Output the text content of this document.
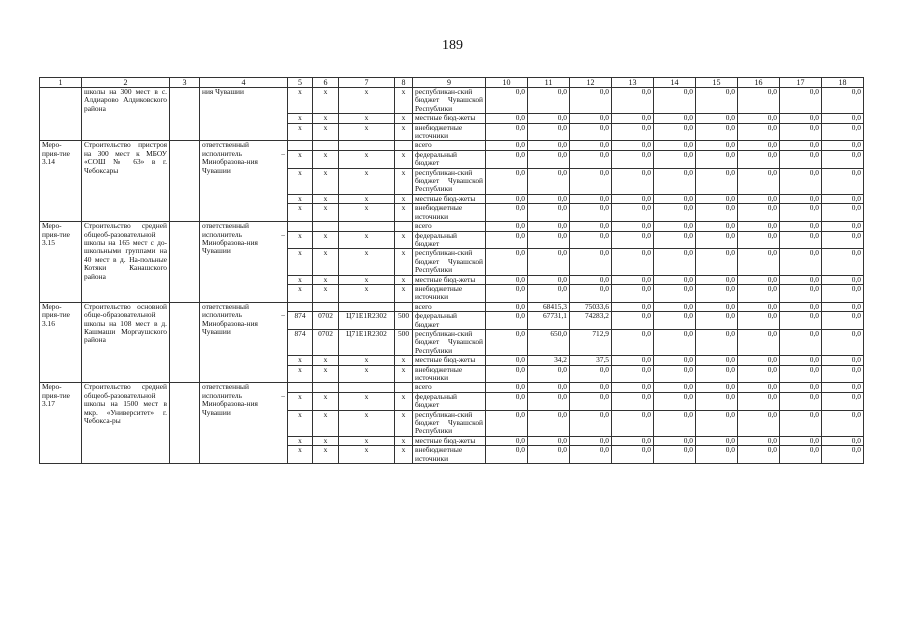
189
1	2	3	4	5	6	7	8	9	10	11	12	13	14	15	16	17	18
	школы на 300 мест в с. Алдиарово Алдиковского района		ния Чувашии	х	х	х	х	республикан-ский бюджет Чувашской Республики	0,0	0,0	0,0	0,0	0,0	0,0	0,0	0,0	0,0
				х	х	х	х	местные бюд-жеты	0,0	0,0	0,0	0,0	0,0	0,0	0,0	0,0	0,0
				х	х	х	х	внебюджетные источники	0,0	0,0	0,0	0,0	0,0	0,0	0,0	0,0	0,0
Меро-прия-тие 3.14	Строительство пристроя на 300 мест к МБОУ «СОШ № 63» в г. Чебоксары		ответственный исполнитель – Минобразова-ния Чувашии					всего	0,0	0,0	0,0	0,0	0,0	0,0	0,0	0,0	0,0
				х	х	х	х	федеральный бюджет	0,0	0,0	0,0	0,0	0,0	0,0	0,0	0,0	0,0
				х	х	х	х	республикан-ский бюджет Чувашской Республики	0,0	0,0	0,0	0,0	0,0	0,0	0,0	0,0	0,0
				х	х	х	х	местные бюд-жеты	0,0	0,0	0,0	0,0	0,0	0,0	0,0	0,0	0,0
				х	х	х	х	внебюджетные источники	0,0	0,0	0,0	0,0	0,0	0,0	0,0	0,0	0,0
Меро-прия-тие 3.15	Строительство средней общеоб-разовательной школы на 165 мест с до-школьными группами на 40 мест в д. На-польные Котяки Канашского района		ответственный исполнитель – Минобразова-ния Чувашии					всего	0,0	0,0	0,0	0,0	0,0	0,0	0,0	0,0	0,0
				х	х	х	х	федеральный бюджет	0,0	0,0	0,0	0,0	0,0	0,0	0,0	0,0	0,0
				х	х	х	х	республикан-ский бюджет Чувашской Республики	0,0	0,0	0,0	0,0	0,0	0,0	0,0	0,0	0,0
				х	х	х	х	местные бюд-жеты	0,0	0,0	0,0	0,0	0,0	0,0	0,0	0,0	0,0
				х	х	х	х	внебюджетные источники	0,0	0,0	0,0	0,0	0,0	0,0	0,0	0,0	0,0
Меро-прия-тие 3.16	Строительство основной обще-образовательной школы на 108 мест в д. Кашмаши Моргаушского района		ответственный исполнитель – Минобразова-ния Чувашии					всего	0,0	68415,3	75033,6	0,0	0,0	0,0	0,0	0,0	0,0
				874	0702	Ц71Е1R2302	500	федеральный бюджет	0,0	67731,1	74283,2	0,0	0,0	0,0	0,0	0,0	0,0
				874	0702	Ц71Е1R2302	500	республикан-ский бюджет Чувашской Республики	0,0	650,0	712,9	0,0	0,0	0,0	0,0	0,0	0,0
				х	х	х	х	местные бюд-жеты	0,0	34,2	37,5	0,0	0,0	0,0	0,0	0,0	0,0
				х	х	х	х	внебюджетные источники	0,0	0,0	0,0	0,0	0,0	0,0	0,0	0,0	0,0
Меро-прия-тие 3.17	Строительство средней общеоб-разовательной школы на 1500 мест в мкр. «Университет» г. Чебокса-ры		ответственный исполнитель – Минобразова-ния Чувашии					всего	0,0	0,0	0,0	0,0	0,0	0,0	0,0	0,0	0,0
				х	х	х	х	федеральный бюджет	0,0	0,0	0,0	0,0	0,0	0,0	0,0	0,0	0,0
				х	х	х	х	республикан-ский бюджет Чувашской Республики	0,0	0,0	0,0	0,0	0,0	0,0	0,0	0,0	0,0
				х	х	х	х	местные бюд-жеты	0,0	0,0	0,0	0,0	0,0	0,0	0,0	0,0	0,0
				х	х	х	х	внебюджетные источники	0,0	0,0	0,0	0,0	0,0	0,0	0,0	0,0	0,0
